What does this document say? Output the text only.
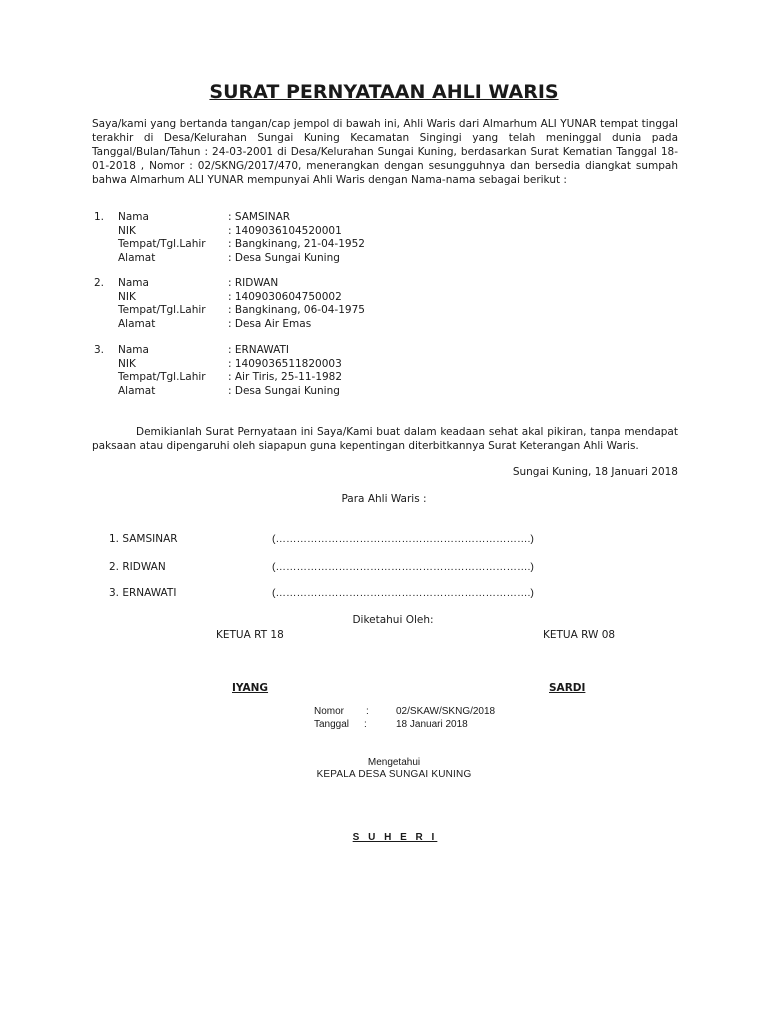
SURAT PERNYATAAN AHLI WARIS

Saya/kami yang bertanda tangan/cap jempol di bawah ini, Ahli Waris dari Almarhum ALI YUNAR tempat tinggal terakhir di Desa/Kelurahan Sungai Kuning Kecamatan Singingi yang telah meninggal dunia pada Tanggal/Bulan/Tahun : 24-03-2001 di Desa/Kelurahan Sungai Kuning, berdasarkan Surat Kematian Tanggal 18-01-2018 , Nomor : 02/SKNG/2017/470, menerangkan dengan sesungguhnya dan bersedia diangkat sumpah bahwa Almarhum ALI YUNAR mempunyai Ahli Waris dengan Nama-nama sebagai berikut :

1. Nama	: SAMSINAR
NIK	: 1409036104520001
Tempat/Tgl.Lahir : Bangkinang, 21-04-1952
Alamat	: Desa Sungai Kuning
2. Nama	: RIDWAN
NIK	: 1409030604750002
Tempat/Tgl.Lahir : Bangkinang, 06-04-1975
Alamat	: Desa Air Emas
3. Nama	: ERNAWATI
NIK	: 1409036511820003
Tempat/Tgl.Lahir : Air Tiris, 25-11-1982
Alamat	: Desa Sungai Kuning

Demikianlah Surat Pernyataan ini Saya/Kami buat dalam keadaan sehat akal pikiran, tanpa mendapat paksaan atau dipengaruhi oleh siapapun guna kepentingan diterbitkannya Surat Keterangan Ahli Waris.

Sungai Kuning, 18 Januari 2018
Para Ahli Waris :
1. SAMSINAR	(……………………………………………………………….)
2. RIDWAN	(……………………………………………………………….)
3. ERNAWATI	(……………………………………………………………….)
Diketahui Oleh:
KETUA RT 18	KETUA RW 08
IYANG	SARDI
Nomor :	02/SKAW/SKNG/2018
Tanggal :	18 Januari 2018
Mengetahui
KEPALA DESA SUNGAI KUNING
S U H E R I
